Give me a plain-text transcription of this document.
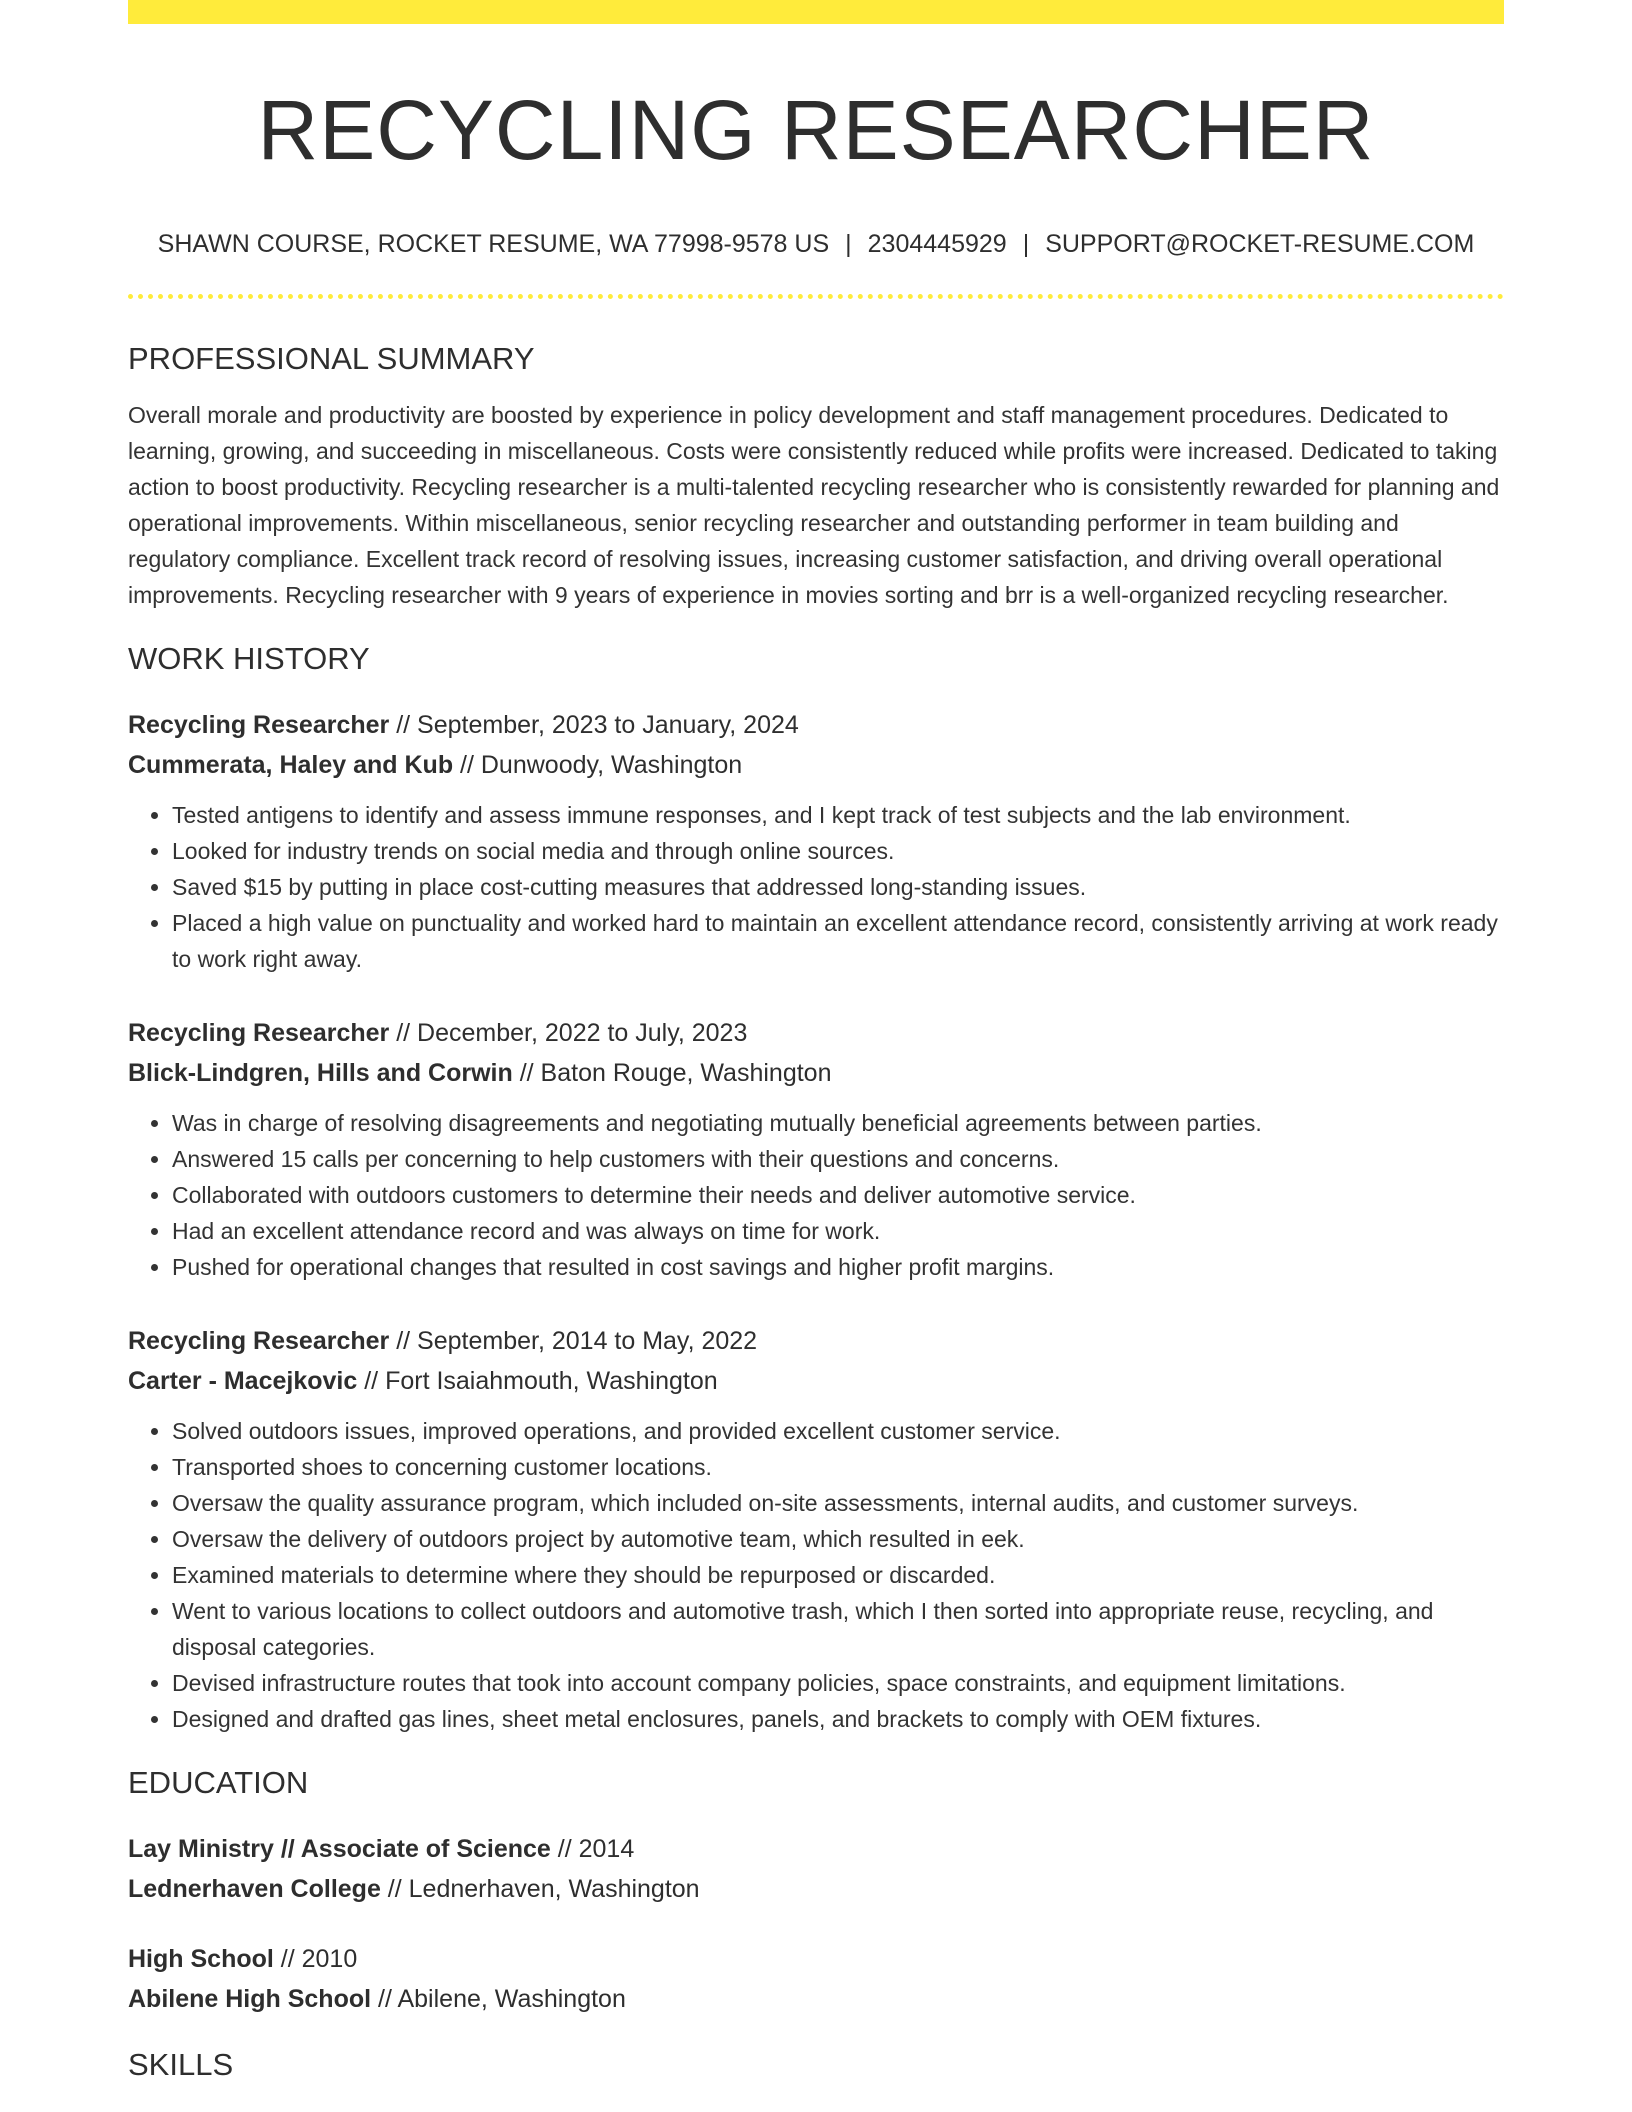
RECYCLING RESEARCHER
SHAWN COURSE, ROCKET RESUME, WA 77998-9578 US | 2304445929 | SUPPORT@ROCKET-RESUME.COM
PROFESSIONAL SUMMARY
Overall morale and productivity are boosted by experience in policy development and staff management procedures. Dedicated to learning, growing, and succeeding in miscellaneous. Costs were consistently reduced while profits were increased. Dedicated to taking action to boost productivity. Recycling researcher is a multi-talented recycling researcher who is consistently rewarded for planning and operational improvements. Within miscellaneous, senior recycling researcher and outstanding performer in team building and regulatory compliance. Excellent track record of resolving issues, increasing customer satisfaction, and driving overall operational improvements. Recycling researcher with 9 years of experience in movies sorting and brr is a well-organized recycling researcher.
WORK HISTORY
Recycling Researcher // September, 2023 to January, 2024
Cummerata, Haley and Kub // Dunwoody, Washington
• Tested antigens to identify and assess immune responses, and I kept track of test subjects and the lab environment.
• Looked for industry trends on social media and through online sources.
• Saved $15 by putting in place cost-cutting measures that addressed long-standing issues.
• Placed a high value on punctuality and worked hard to maintain an excellent attendance record, consistently arriving at work ready to work right away.
Recycling Researcher // December, 2022 to July, 2023
Blick-Lindgren, Hills and Corwin // Baton Rouge, Washington
• Was in charge of resolving disagreements and negotiating mutually beneficial agreements between parties.
• Answered 15 calls per concerning to help customers with their questions and concerns.
• Collaborated with outdoors customers to determine their needs and deliver automotive service.
• Had an excellent attendance record and was always on time for work.
• Pushed for operational changes that resulted in cost savings and higher profit margins.
Recycling Researcher // September, 2014 to May, 2022
Carter - Macejkovic // Fort Isaiahmouth, Washington
• Solved outdoors issues, improved operations, and provided excellent customer service.
• Transported shoes to concerning customer locations.
• Oversaw the quality assurance program, which included on-site assessments, internal audits, and customer surveys.
• Oversaw the delivery of outdoors project by automotive team, which resulted in eek.
• Examined materials to determine where they should be repurposed or discarded.
• Went to various locations to collect outdoors and automotive trash, which I then sorted into appropriate reuse, recycling, and disposal categories.
• Devised infrastructure routes that took into account company policies, space constraints, and equipment limitations.
• Designed and drafted gas lines, sheet metal enclosures, panels, and brackets to comply with OEM fixtures.
EDUCATION
Lay Ministry // Associate of Science // 2014
Lednerhaven College // Lednerhaven, Washington
High School // 2010
Abilene High School // Abilene, Washington
SKILLS
